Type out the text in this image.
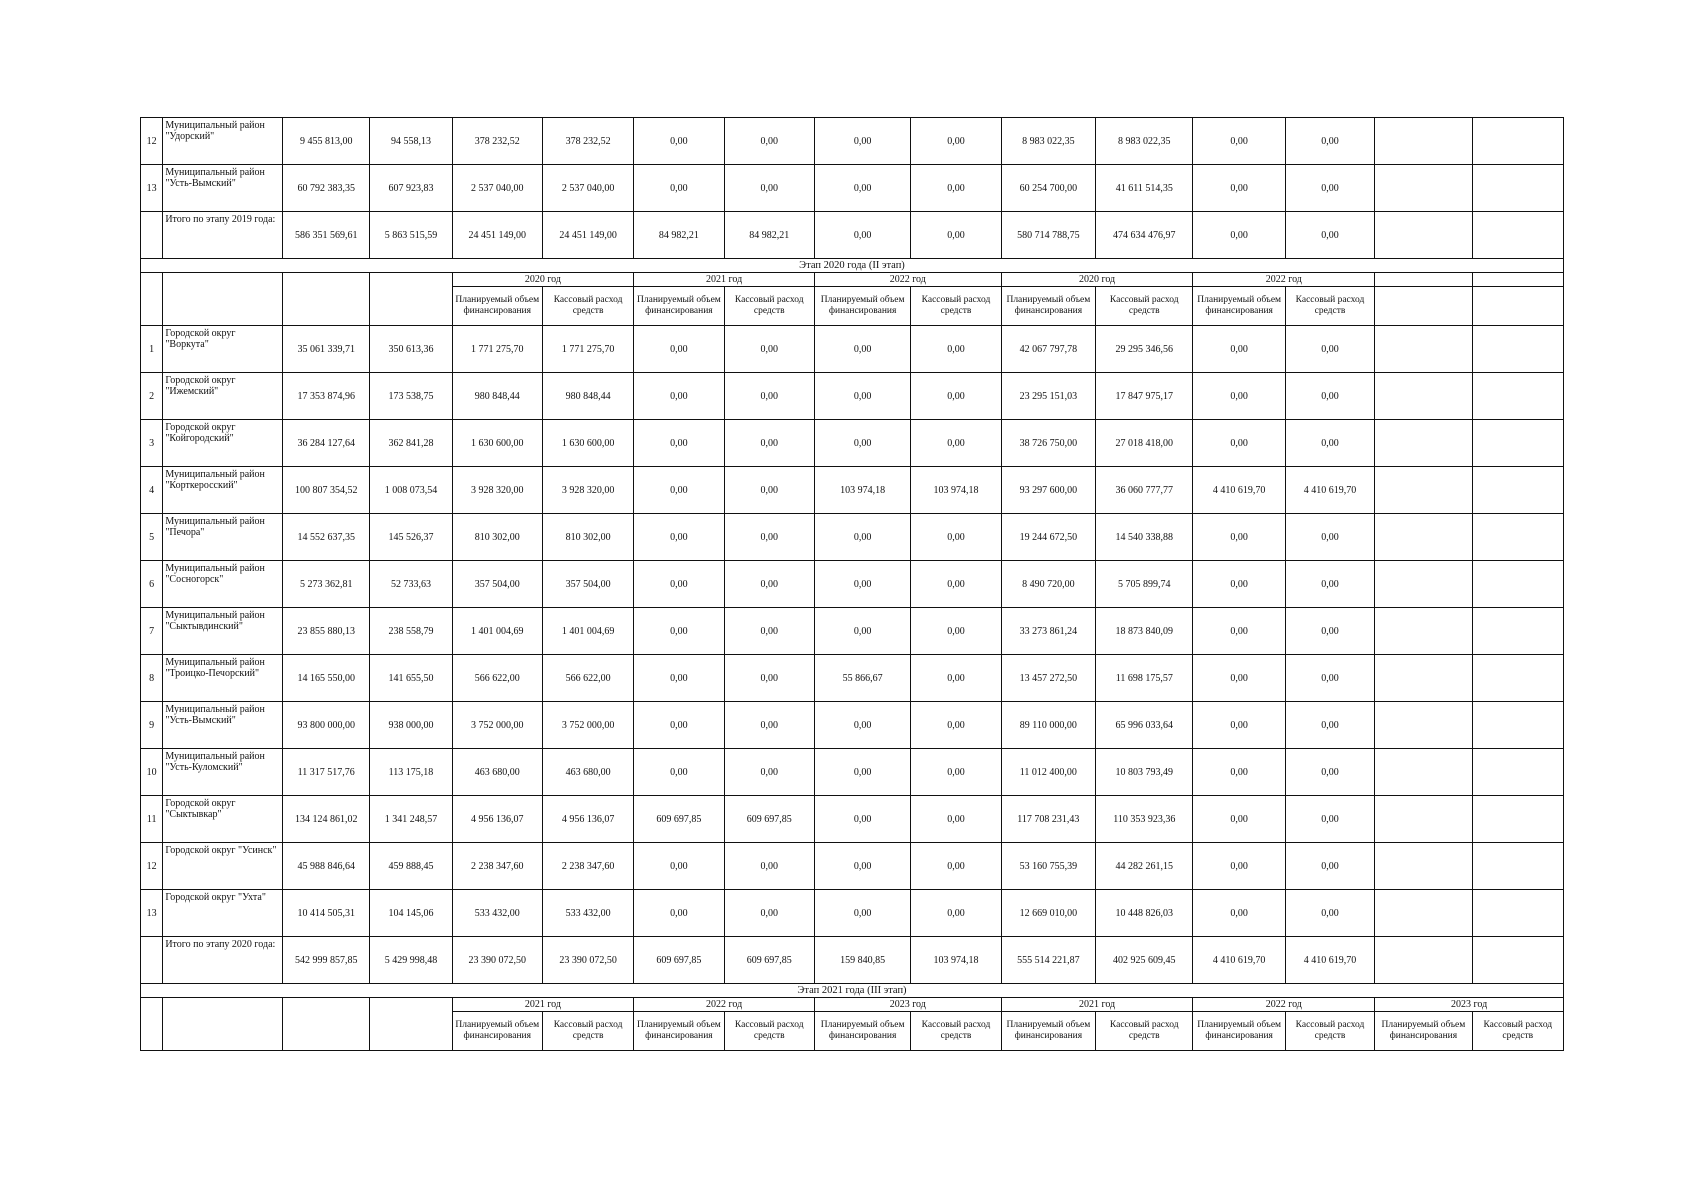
12	Муниципальный район "Удорский"	9 455 813,00	94 558,13	378 232,52	378 232,52	0,00	0,00	0,00	0,00	8 983 022,35	8 983 022,35	0,00	0,00		
13	Муниципальный район "Усть-Вымский"	60 792 383,35	607 923,83	2 537 040,00	2 537 040,00	0,00	0,00	0,00	0,00	60 254 700,00	41 611 514,35	0,00	0,00		
	Итого по этапу 2019 года:	586 351 569,61	5 863 515,59	24 451 149,00	24 451 149,00	84 982,21	84 982,21	0,00	0,00	580 714 788,75	474 634 476,97	0,00	0,00		
Этап 2020 года (II этап)															
				2020 год		2021 год		2022 год		2020 год		2022 год			
				Планируемый объем финансирования	Кассовый расход средств	Планируемый объем финансирования	Кассовый расход средств	Планируемый объем финансирования	Кассовый расход средств	Планируемый объем финансирования	Кассовый расход средств	Планируемый объем финансирования	Кассовый расход средств		
1	Городской округ "Воркута"	35 061 339,71	350 613,36	1 771 275,70	1 771 275,70	0,00	0,00	0,00	0,00	42 067 797,78	29 295 346,56	0,00	0,00		
2	Городской округ "Ижемский"	17 353 874,96	173 538,75	980 848,44	980 848,44	0,00	0,00	0,00	0,00	23 295 151,03	17 847 975,17	0,00	0,00		
3	Городской округ "Койгородский"	36 284 127,64	362 841,28	1 630 600,00	1 630 600,00	0,00	0,00	0,00	0,00	38 726 750,00	27 018 418,00	0,00	0,00		
4	Муниципальный район "Корткеросский"	100 807 354,52	1 008 073,54	3 928 320,00	3 928 320,00	0,00	0,00	103 974,18	103 974,18	93 297 600,00	36 060 777,77	4 410 619,70	4 410 619,70		
5	Муниципальный район "Печора"	14 552 637,35	145 526,37	810 302,00	810 302,00	0,00	0,00	0,00	0,00	19 244 672,50	14 540 338,88	0,00	0,00		
6	Муниципальный район "Сосногорск"	5 273 362,81	52 733,63	357 504,00	357 504,00	0,00	0,00	0,00	0,00	8 490 720,00	5 705 899,74	0,00	0,00		
7	Муниципальный район "Сыктывдинский"	23 855 880,13	238 558,79	1 401 004,69	1 401 004,69	0,00	0,00	0,00	0,00	33 273 861,24	18 873 840,09	0,00	0,00		
8	Муниципальный район "Троицко-Печорский"	14 165 550,00	141 655,50	566 622,00	566 622,00	0,00	0,00	55 866,67	0,00	13 457 272,50	11 698 175,57	0,00	0,00		
9	Муниципальный район "Усть-Вымский"	93 800 000,00	938 000,00	3 752 000,00	3 752 000,00	0,00	0,00	0,00	0,00	89 110 000,00	65 996 033,64	0,00	0,00		
10	Муниципальный район "Усть-Куломский"	11 317 517,76	113 175,18	463 680,00	463 680,00	0,00	0,00	0,00	0,00	11 012 400,00	10 803 793,49	0,00	0,00		
11	Городской округ "Сыктывкар"	134 124 861,02	1 341 248,57	4 956 136,07	4 956 136,07	609 697,85	609 697,85	0,00	0,00	117 708 231,43	110 353 923,36	0,00	0,00		
12	Городской округ "Усинск"	45 988 846,64	459 888,45	2 238 347,60	2 238 347,60	0,00	0,00	0,00	0,00	53 160 755,39	44 282 261,15	0,00	0,00		
13	Городской округ "Ухта"	10 414 505,31	104 145,06	533 432,00	533 432,00	0,00	0,00	0,00	0,00	12 669 010,00	10 448 826,03	0,00	0,00		
	Итого по этапу 2020 года:	542 999 857,85	5 429 998,48	23 390 072,50	23 390 072,50	609 697,85	609 697,85	159 840,85	103 974,18	555 514 221,87	402 925 609,45	4 410 619,70	4 410 619,70		
Этап 2021 года (III этап)															
				2021 год		2022 год		2023 год		2021 год		2022 год		2023 год	
				Планируемый объем финансирования	Кассовый расход средств	Планируемый объем финансирования	Кассовый расход средств	Планируемый объем финансирования	Кассовый расход средств	Планируемый объем финансирования	Кассовый расход средств	Планируемый объем финансирования	Кассовый расход средств	Планируемый объем финансирования	Кассовый расход средств
